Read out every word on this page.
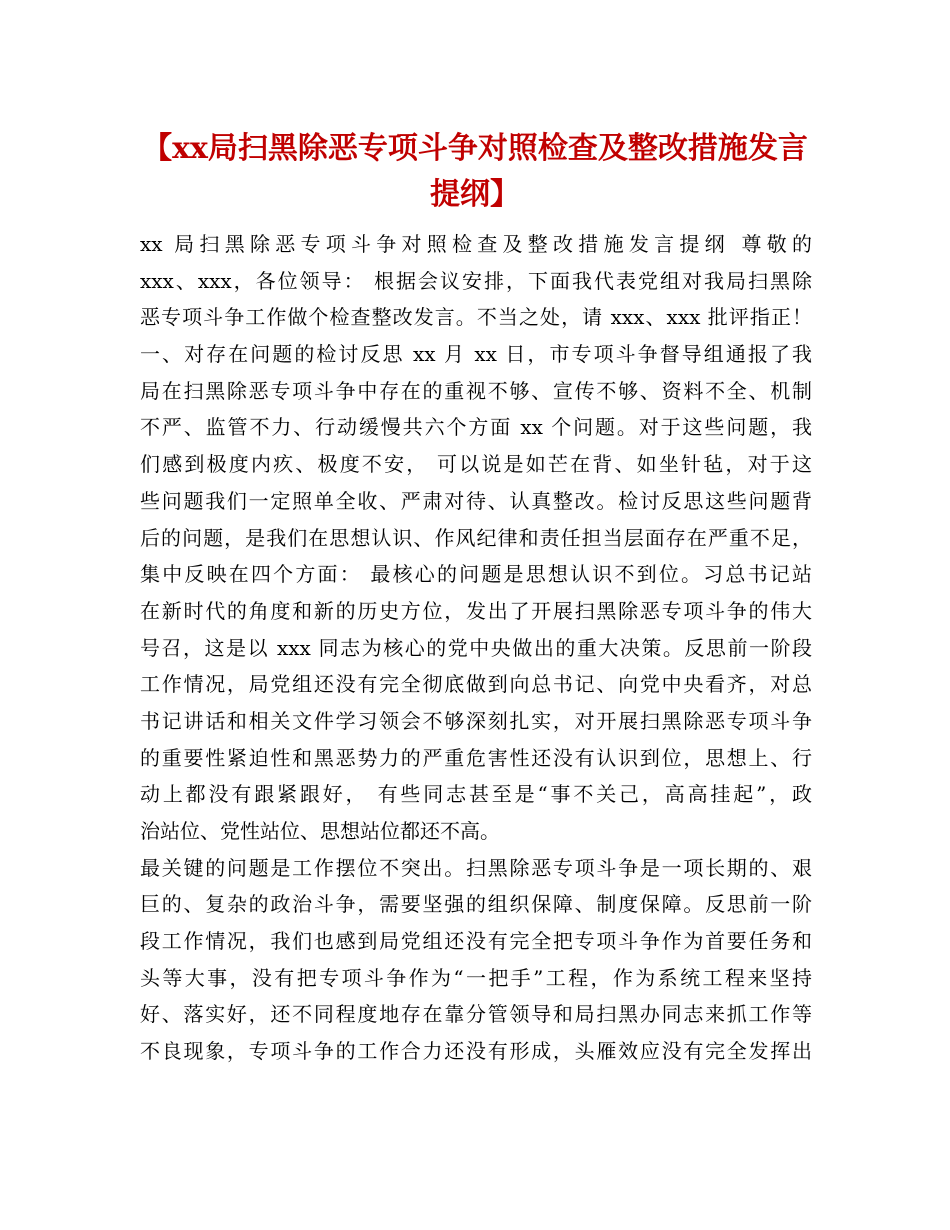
【xx局扫黑除恶专项斗争对照检查及整改措施发言提纲】
xx 局扫黑除恶专项斗争对照检查及整改措施发言提纲 尊敬的
xxx、xxx，各位领导： 根据会议安排，下面我代表党组对我局扫黑除
恶专项斗争工作做个检查整改发言。不当之处，请 xxx、xxx 批评指正！
一、对存在问题的检讨反思 xx 月 xx 日，市专项斗争督导组通报了我
局在扫黑除恶专项斗争中存在的重视不够、宣传不够、资料不全、机制
不严、监管不力、行动缓慢共六个方面 xx 个问题。对于这些问题，我
们感到极度内疚、极度不安， 可以说是如芒在背、如坐针毡，对于这
些问题我们一定照单全收、严肃对待、认真整改。检讨反思这些问题背
后的问题，是我们在思想认识、作风纪律和责任担当层面存在严重不足，
集中反映在四个方面： 最核心的问题是思想认识不到位。习总书记站
在新时代的角度和新的历史方位，发出了开展扫黑除恶专项斗争的伟大
号召，这是以 xxx 同志为核心的党中央做出的重大决策。反思前一阶段
工作情况，局党组还没有完全彻底做到向总书记、向党中央看齐，对总
书记讲话和相关文件学习领会不够深刻扎实，对开展扫黑除恶专项斗争
的重要性紧迫性和黑恶势力的严重危害性还没有认识到位，思想上、行
动上都没有跟紧跟好， 有些同志甚至是“事不关己，高高挂起”，政
治站位、党性站位、思想站位都还不高。
最关键的问题是工作摆位不突出。扫黑除恶专项斗争是一项长期的、艰
巨的、复杂的政治斗争，需要坚强的组织保障、制度保障。反思前一阶
段工作情况，我们也感到局党组还没有完全把专项斗争作为首要任务和
头等大事，没有把专项斗争作为“一把手”工程，作为系统工程来坚持
好、落实好，还不同程度地存在靠分管领导和局扫黑办同志来抓工作等
不良现象，专项斗争的工作合力还没有形成，头雁效应没有完全发挥出
